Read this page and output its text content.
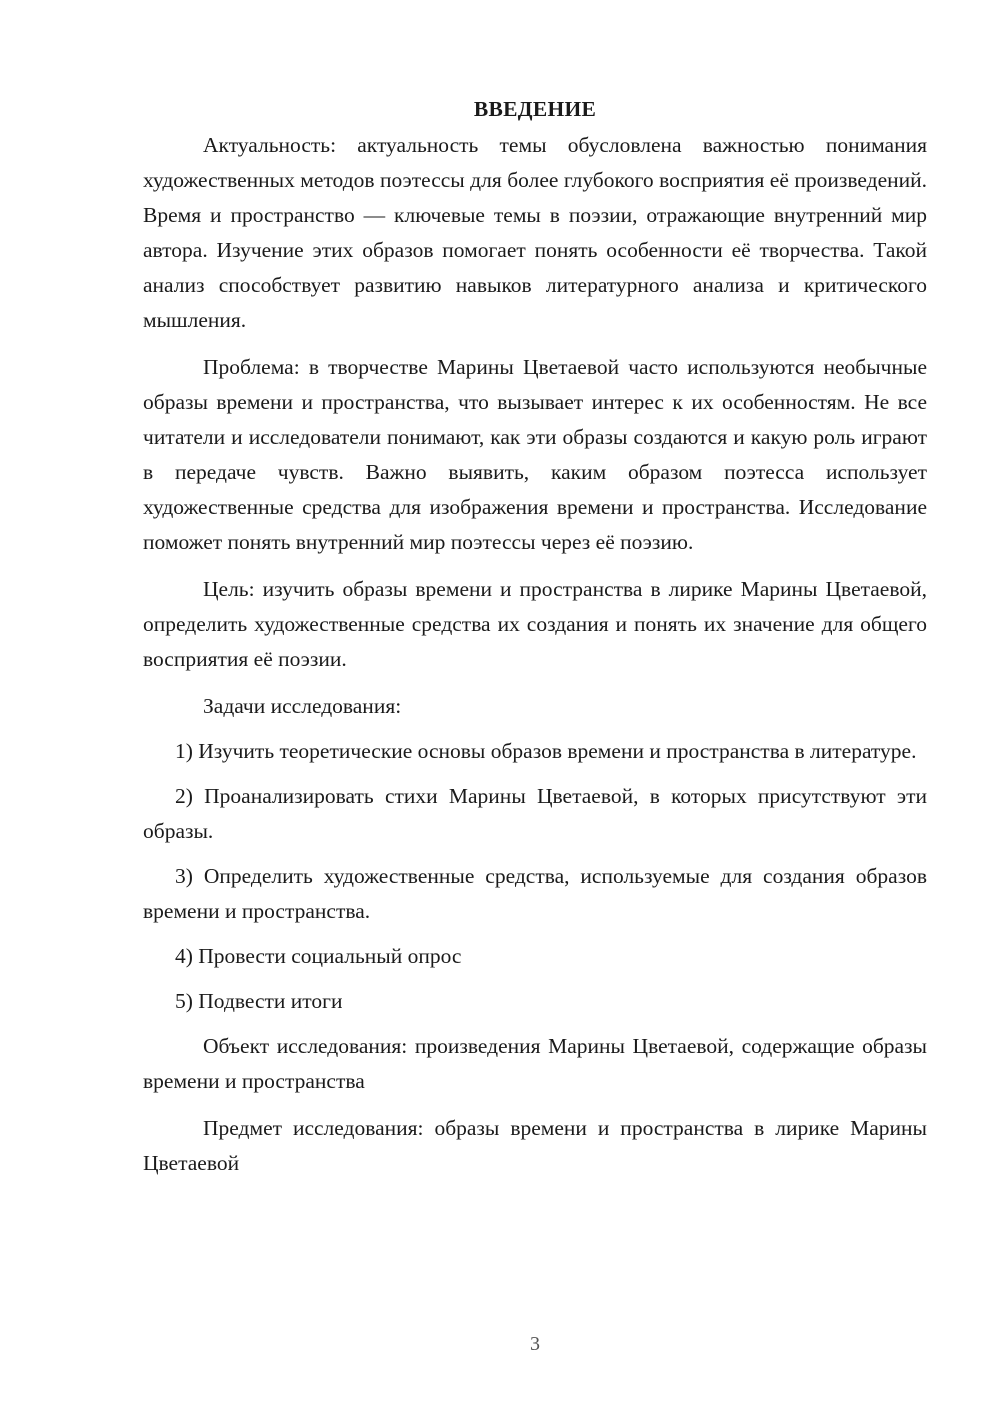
ВВЕДЕНИЕ

Актуальность: актуальность темы обусловлена важностью понимания художественных методов поэтессы для более глубокого восприятия её произведений. Время и пространство — ключевые темы в поэзии, отражающие внутренний мир автора. Изучение этих образов помогает понять особенности её творчества. Такой анализ способствует развитию навыков литературного анализа и критического мышления.

Проблема: в творчестве Марины Цветаевой часто используются необычные образы времени и пространства, что вызывает интерес к их особенностям. Не все читатели и исследователи понимают, как эти образы создаются и какую роль играют в передаче чувств. Важно выявить, каким образом поэтесса использует художественные средства для изображения времени и пространства. Исследование поможет понять внутренний мир поэтессы через её поэзию.

Цель: изучить образы времени и пространства в лирике Марины Цветаевой, определить художественные средства их создания и понять их значение для общего восприятия её поэзии.

Задачи исследования:

1) Изучить теоретические основы образов времени и пространства в литературе.

2) Проанализировать стихи Марины Цветаевой, в которых присутствуют эти образы.

3) Определить художественные средства, используемые для создания образов времени и пространства.

4) Провести социальный опрос

5) Подвести итоги

Объект исследования: произведения Марины Цветаевой, содержащие образы времени и пространства

Предмет исследования: образы времени и пространства в лирике Марины Цветаевой

3
